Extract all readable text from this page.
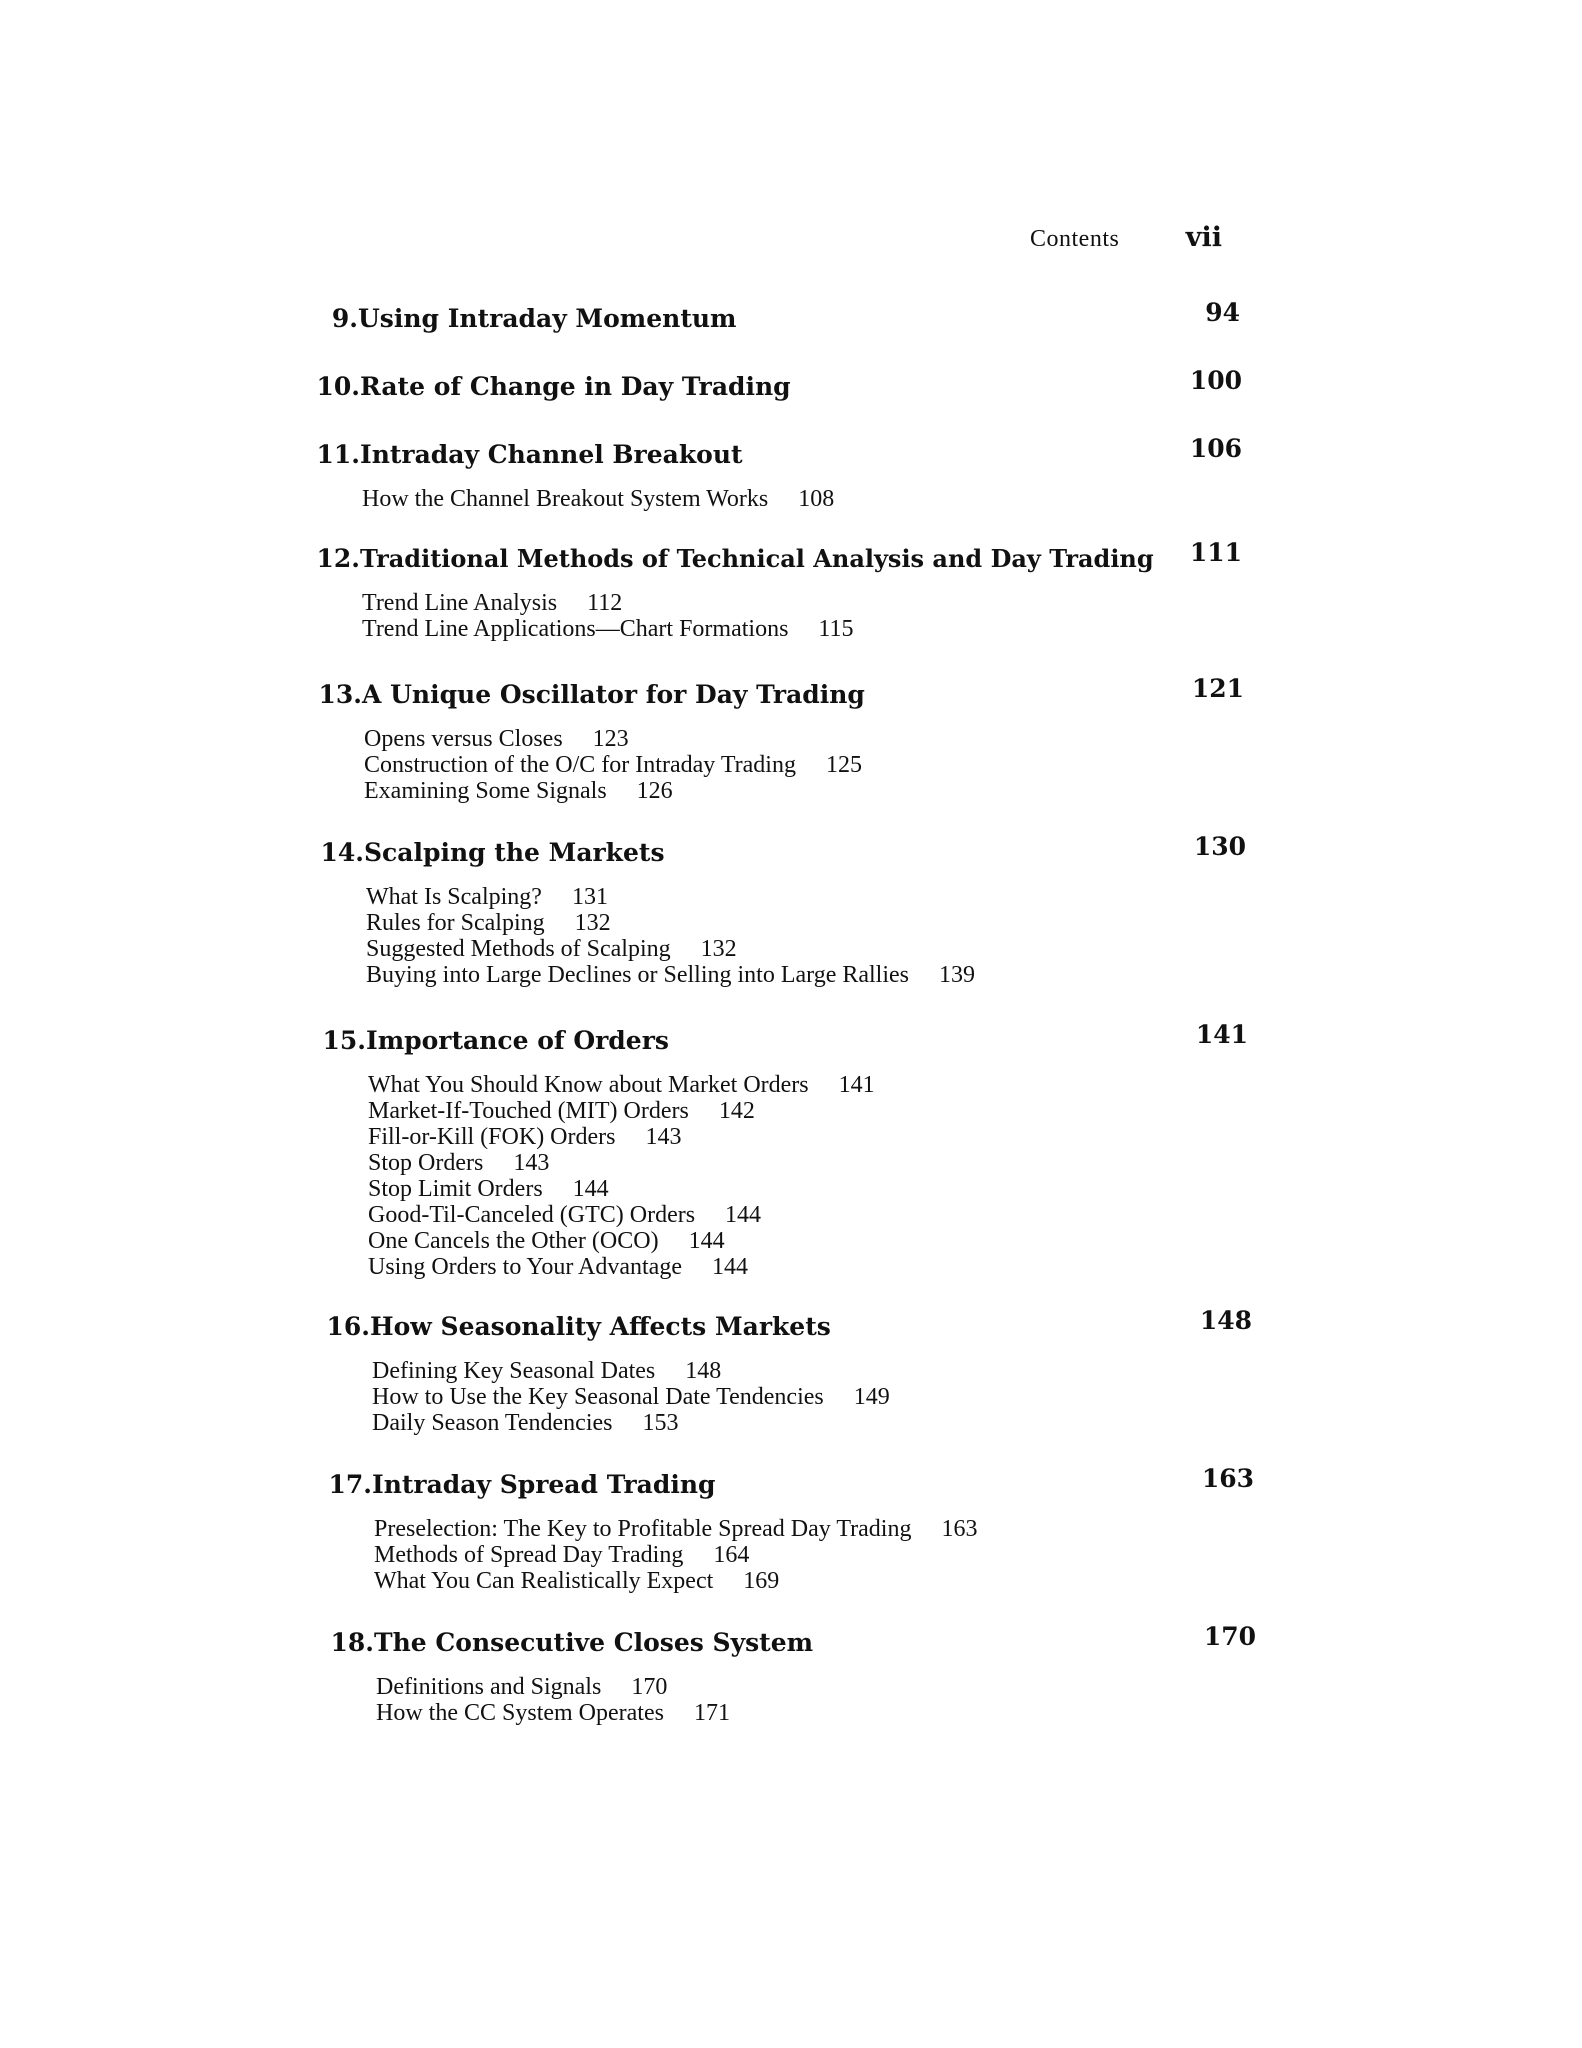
Contents vii
9. Using Intraday Momentum	94
10. Rate of Change in Day Trading	100
11. Intraday Channel Breakout	106
How the Channel Breakout System Works 108
12. Traditional Methods of Technical Analysis and Day Trading 111
Trend Line Analysis 112
Trend Line Applications—Chart Formations 115
13. A Unique Oscillator for Day Trading	121
Opens versus Closes 123
Construction of the O/C for Intraday Trading 125
Examining Some Signals 126
14. Scalping the Markets	130
What Is Scalping? 131
Rules for Scalping 132
Suggested Methods of Scalping 132
Buying into Large Declines or Selling into Large Rallies 139
15. Importance of Orders	141
What You Should Know about Market Orders 141
Market-If-Touched (MIT) Orders 142
Fill-or-Kill (FOK) Orders 143
Stop Orders 143
Stop Limit Orders 144
Good-Til-Canceled (GTC) Orders 144
One Cancels the Other (OCO) 144
Using Orders to Your Advantage 144
16. How Seasonality Affects Markets	148
Defining Key Seasonal Dates 148
How to Use the Key Seasonal Date Tendencies 149
Daily Season Tendencies 153
17. Intraday Spread Trading	163
Preselection: The Key to Profitable Spread Day Trading 163
Methods of Spread Day Trading 164
What You Can Realistically Expect 169
18. The Consecutive Closes System	170
Definitions and Signals 170
How the CC System Operates 171
